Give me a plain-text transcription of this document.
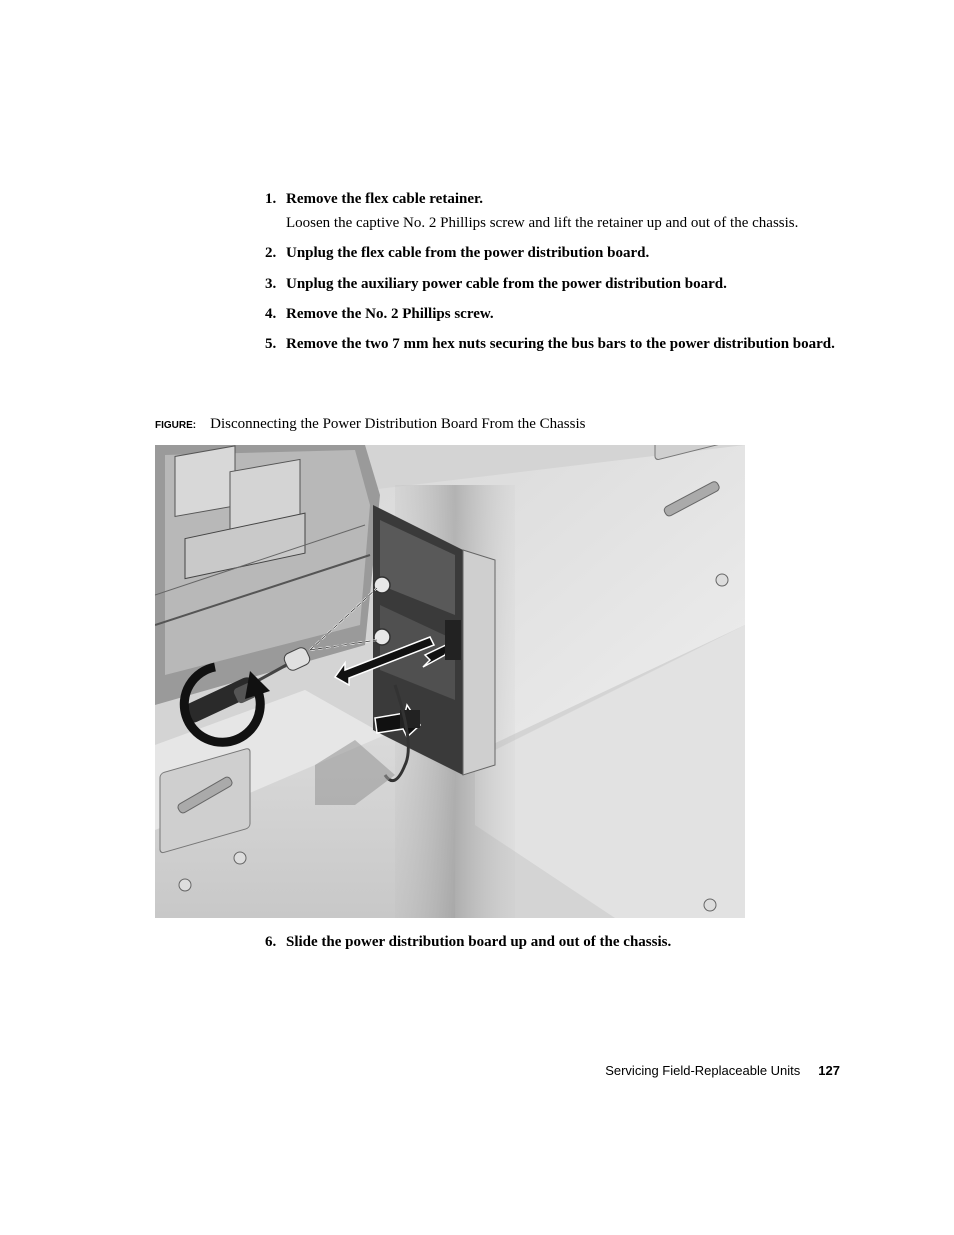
1. Remove the flex cable retainer.
Loosen the captive No. 2 Phillips screw and lift the retainer up and out of the chassis.
2. Unplug the flex cable from the power distribution board.
3. Unplug the auxiliary power cable from the power distribution board.
4. Remove the No. 2 Phillips screw.
5. Remove the two 7 mm hex nuts securing the bus bars to the power distribution board.
FIGURE: Disconnecting the Power Distribution Board From the Chassis
6. Slide the power distribution board up and out of the chassis.
Servicing Field-Replaceable Units 127
